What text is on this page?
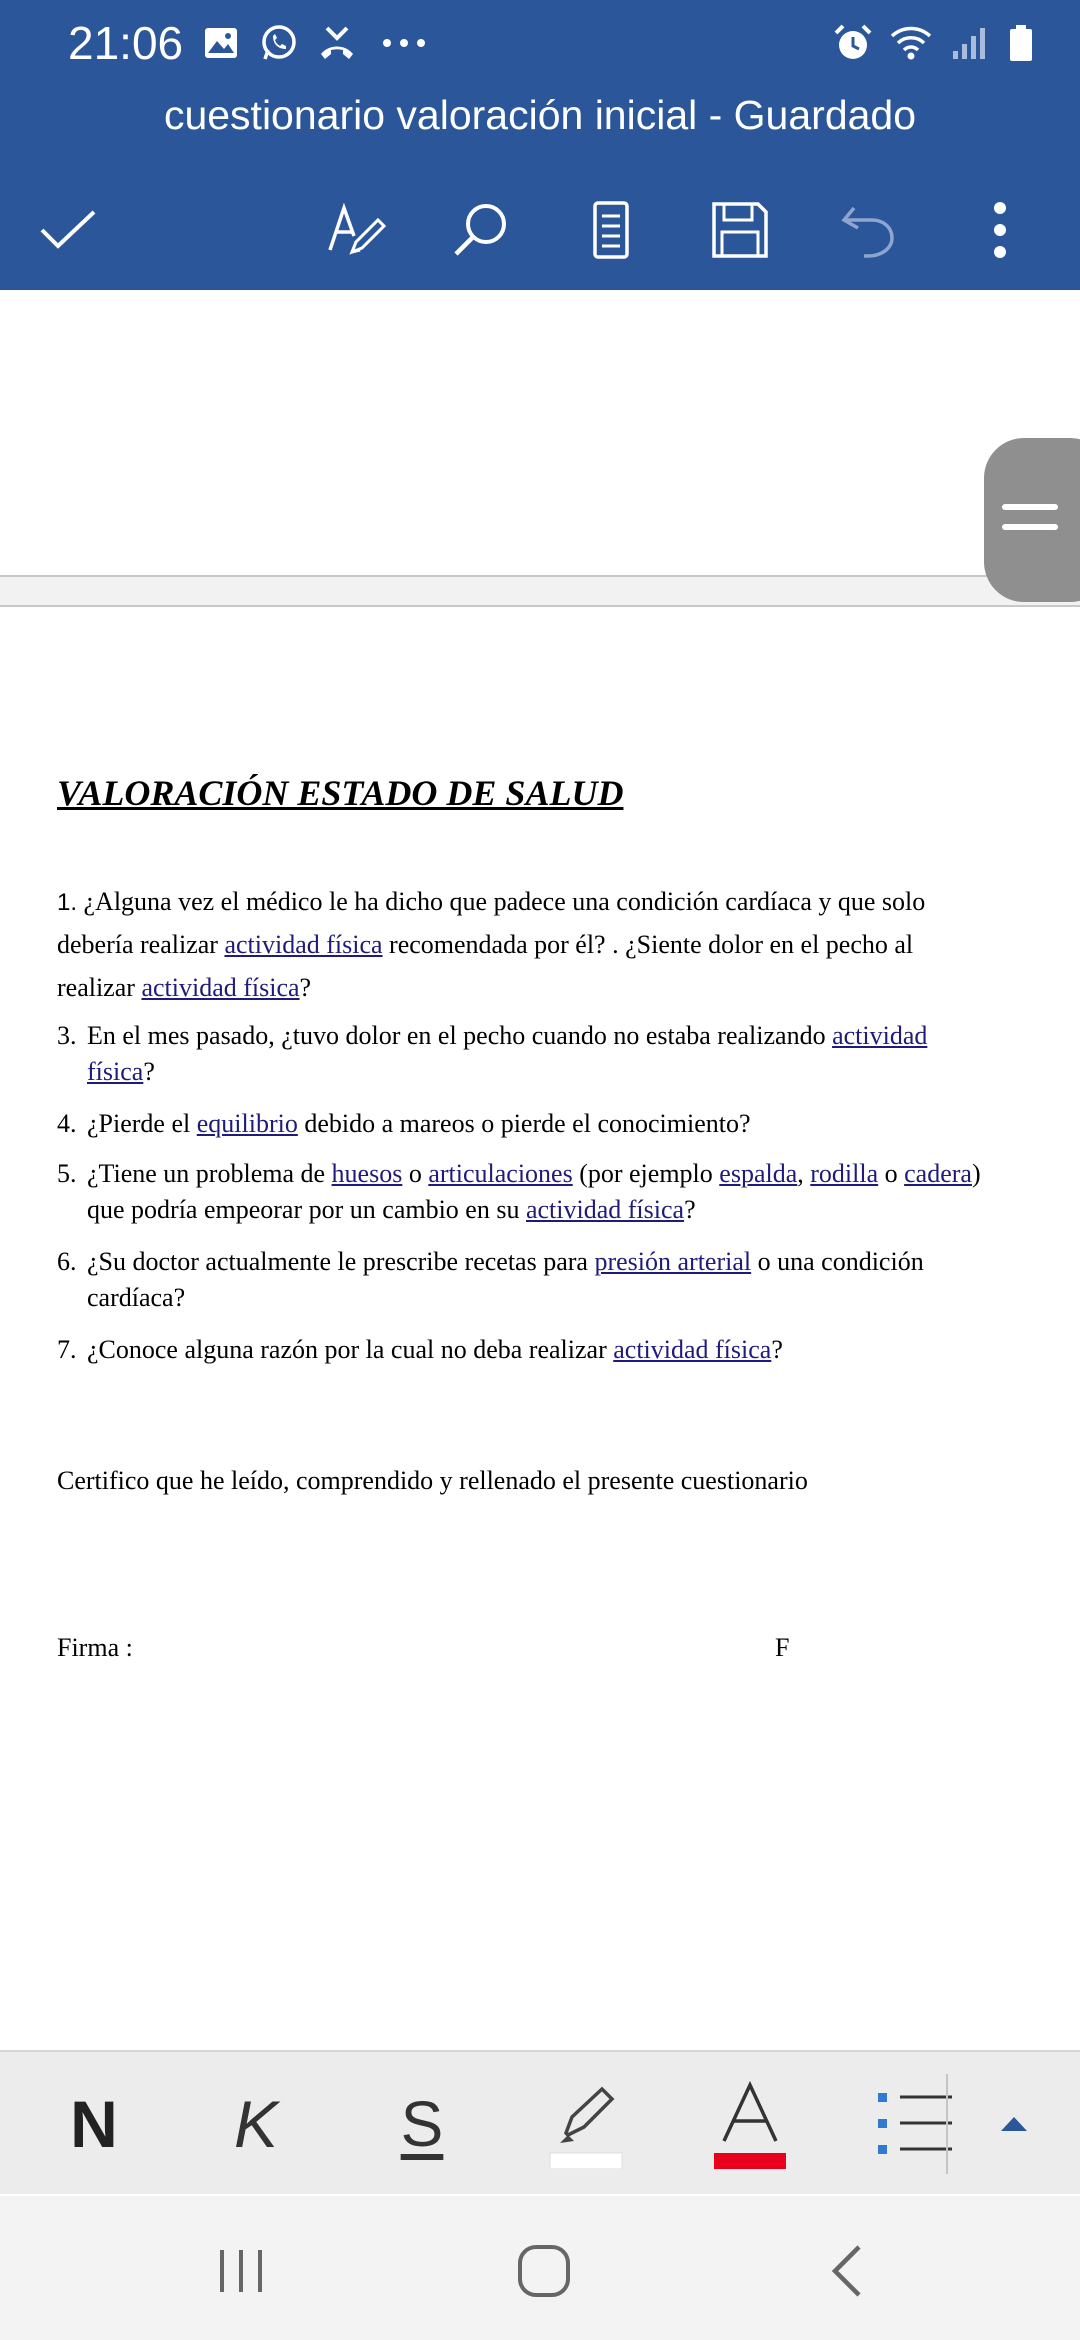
21:06
cuestionario valoración inicial - Guardado
VALORACIÓN ESTADO DE SALUD
1. ¿Alguna vez el médico le ha dicho que padece una condición cardíaca y que solo
debería realizar actividad física recomendada por él? . ¿Siente dolor en el pecho al
realizar actividad física?
3. En el mes pasado, ¿tuvo dolor en el pecho cuando no estaba realizando actividad
física?
4. ¿Pierde el equilibrio debido a mareos o pierde el conocimiento?
5. ¿Tiene un problema de huesos o articulaciones (por ejemplo espalda, rodilla o cadera)
que podría empeorar por un cambio en su actividad física?
6. ¿Su doctor actualmente le prescribe recetas para presión arterial o una condición
cardíaca?
7. ¿Conoce alguna razón por la cual no deba realizar actividad física?
Certifico que he leído, comprendido y rellenado el presente cuestionario
Firma :	F
N K S
